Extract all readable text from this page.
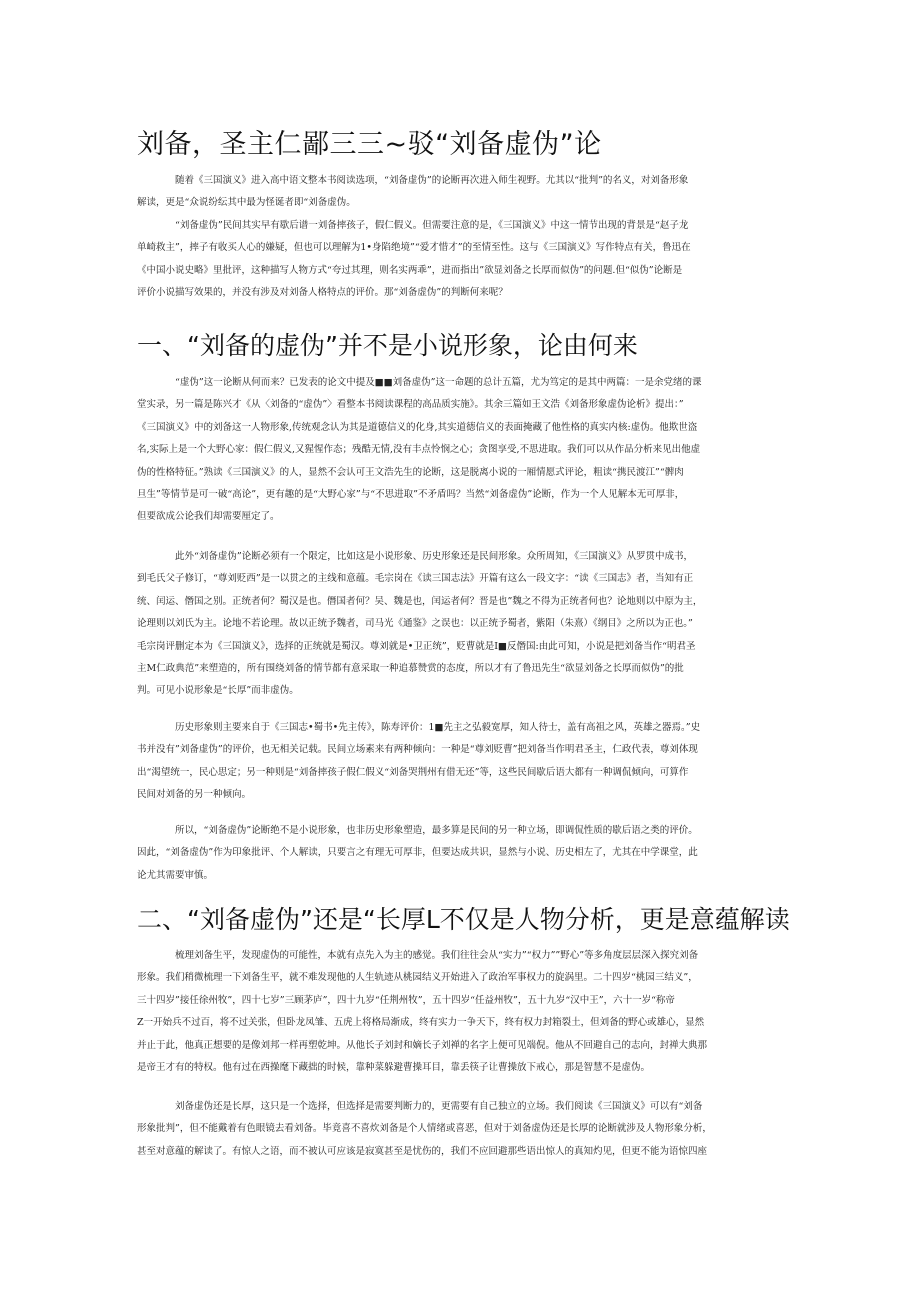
刘备，圣主仁鄙三三~驳“刘备虚伪”论
随着《三国演义》进入高中语文整本书阅读选项，“刘备虚伪”的论断再次进入师生视野。尤其以“批判”的名义，对刘备形象
解读，更是“众说纷纭其中最为怪诞者即“刘备虚伪。
“刘备虚伪”民间其实早有歇后谱一刘备摔孩子，假仁假义。但需要注意的是，《三国演义》中这一情节出现的背景是“赵子龙
单崎救主”，摔子有收买人心的嫌疑，但也可以理解为1•身陷绝境”“爱才惜才”的至情至性。这与《三国演义》写作特点有关，鲁迅在
《中国小说史略》里批评，这种描写人物方式“夸过其理，则名实两乖”，进而指出”欲显刘备之长厚而似伪”的问题.但“似伪”论断是
评价小说描写效果的，并没有涉及对刘备人格特点的评价。那“刘备虚伪”的判断何来呢？
一、“刘备的虚伪”并不是小说形象，论由何来
“虚伪”这一论断从何而来？已发表的论文中提及■■刘备虚伪”这一命题的总计五篇，尤为笃定的是其中两篇：一是余党绪的课
堂实录，另一篇是陈兴才《从〈刘备的“虚伪”〉看整本书阅读课程的高品质实施》。其余三篇如王文浩《刘备形象虚伪论析》提出：”
《三国演义》中的刘备这一人物形象,传统观念认为其是道德信义的化身,其实道德信义的表面掩藏了他性格的真实内核:虚伪。他欺世盗
名,实际上是一个大野心家：假仁假义,又猩惺作态；残酷无情,没有丰点怜悯之心；贪图享受,不思进取。我们可以从作品分析来见出他虚
伪的性格特征。”熟读《三国演义》的人，显然不会认可王文浩先生的论断，这是脱离小说的一厢情愿式评论，粗读“携民渡江”“髀肉
旦生”等情节是可一破“高论”，更有趣的是“大野心家”与“不思进取”不矛盾吗？当然“刘备虚伪”论断，作为一个人见解本无可厚非，
但要欲成公论我们却需要厘定了。
此外“刘备虚伪”论断必须有一个限定，比如这是小说形象、历史形象还是民间形象。众所周知，《三国演义》从罗贯中成书，
到毛氏父子修订，“尊刘贬西”是一以贯之的主线和意蕴。毛宗岗在《读三国志法》开篇有这么一段文字：“读《三国志》者，当知有正
统、闰运、僭国之别。正统者何？蜀汉是也。僭国者何？吴、魏是也，闰运者何？晋是也”魏之不得为正统者何也？论地则以中原为主，
论理则以刘氏为主。论地不若论理。故以正统予魏者，司马光《通鉴》之误也：以正统予蜀者，紫阳（朱熹）《纲目》之所以为正也。”
毛宗岗评删定本为《三国演义》，选择的正统就是蜀汉。尊刘就是•卫正统”，贬曹就是I■反僭国:由此可知，小说是把刘备当作“明君圣
主M仁政典范”来塑造的，所有围绕刘备的情节都有意采取一种追慕赞赏的态度，所以才有了鲁迅先生“欲显刘备之长厚而似伪”的批
判。可见小说形象是“长厚”而非虚伪。
历史形象则主要来自于《三国志•蜀书•先主传》，陈寿评价：1■先主之弘毅宽厚，知人待士，盖有高祖之风，英雄之器焉。”史
书并没有”刘备虚伪”的评价，也无相关记载。民间立场素来有两种倾向：一种是“尊刘贬曹”把刘备当作明君圣主，仁政代表，尊刘体现
出“渴望统一，民心思定；另一种则是“刘备摔孩子假仁假义“刘备哭荆州有借无还”等，这些民间歇后语大都有一种调侃倾向，可算作
民间对刘备的另一种倾向。
所以，“刘备虚伪”论断绝不是小说形象，也非历史形象塑造，最多算是民间的另一种立场，即调侃性质的歇后语之类的评价。
因此，“刘备虚伪”作为印象批评、个人解读，只要言之有理无可厚非，但要达成共识，显然与小说、历史相左了，尤其在中学课堂，此
论尤其需要审慎。
二、“刘备虚伪”还是“长厚L不仅是人物分析，更是意蕴解读
梳理刘备生平，发现虚伪的可能性，本就有点先入为主的感觉。我们往往会从“实力”“权力””野心”等多角度层层深入探究刘备
形象。我们稍微梳理一下刘备生平，就不难发现他的人生轨迹从桃园结义开始进入了政治军事权力的旋涡里。二十四岁“桃园三结义”，
三十四岁”接任徐州牧”，四十七岁”三顾茅庐”，四十九岁“任荆州牧”，五十四岁“任益州牧”，五十九岁“汉中王”，六十一岁“称帝
Z一开始兵不过百，将不过关张，但卧龙凤雏、五虎上将格局渐成，终有实力一争天下，终有权力封箱裂土，但刘备的野心或雄心，显然
并止于此，他真正想要的是像刘邦一样再塑乾坤。从他长子刘封和嫡长子刘禅的名字上便可见端倪。他从不回避自己的志向，封禅大典那
是帝王才有的特权。他有过在西操麾下藏拙的时候，靠种菜躲避曹操耳目，靠丢筷子让曹操放下戒心，那是智慧不是虚伪。
刘备虚伪还是长厚，这只是一个选择，但选择是需要判断力的，更需要有自己独立的立场。我们阅读《三国演义》可以有“刘备
形象批判”，但不能戴着有色眼镜去看刘备。毕竟喜不喜炊刘备是个人情绪或喜恶，但对于刘备虚伪还是长厚的论断就涉及人物形象分析，
甚至对意蕴的解读了。有惊人之语，而不被认可应该是寂寞甚至是忧伤的，我们不应回避那些语出惊人的真知灼见，但更不能为语惊四座
